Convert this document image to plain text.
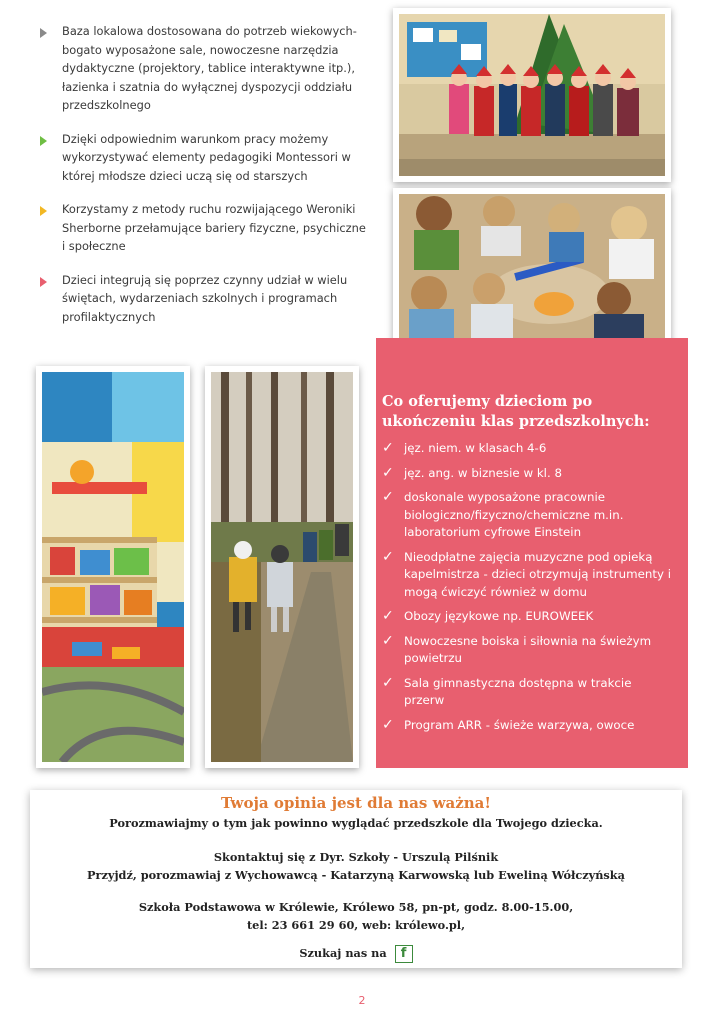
Baza lokalowa dostosowana do potrzeb wiekowych- bogato wyposażone sale, nowoczesne narzędzia dydaktyczne (projektory, tablice interaktywne itp.), łazienka i szatnia do wyłącznej dyspozycji oddziału przedszkolnego
Dzięki odpowiednim warunkom pracy możemy wykorzystywać elementy pedagogiki Montessori w której młodsze dzieci uczą się od starszych
Korzystamy z metody ruchu rozwijającego Weroniki Sherborne przełamujące bariery fizyczne, psychiczne i społeczne
Dzieci integrują się poprzez czynny udział w wielu świętach, wydarzeniach szkolnych i programach profilaktycznych
Co oferujemy dzieciom po ukończeniu klas przedszkolnych:
✓ jęz. niem. w klasach 4-6
✓ jęz. ang. w biznesie w kl. 8
✓ doskonale wyposażone pracownie biologiczno/fizyczno/chemiczne m.in. laboratorium cyfrowe Einstein
✓ Nieodpłatne zajęcia muzyczne pod opieką kapelmistrza - dzieci otrzymują instrumenty i mogą ćwiczyć również w domu
✓ Obozy językowe np. EUROWEEK
✓ Nowoczesne boiska i siłownia na świeżym powietrzu
✓ Sala gimnastyczna dostępna w trakcie przerw
✓ Program ARR - świeże warzywa, owoce
Twoja opinia jest dla nas ważna!

Porozmawiajmy o tym jak powinno wyglądać przedszkole dla Twojego dziecka.

Skontaktuj się z Dyr. Szkoły - Urszulą Pilśnik

Przyjdź, porozmawiaj z Wychowawcą - Katarzyną Karwowską lub Eweliną Wółczyńską

Szkoła Podstawowa w Królewie, Królewo 58, pn-pt, godz. 8.00-15.00,

tel: 23 661 29 60, web: królewo.pl,

Szukaj nas na f

2
